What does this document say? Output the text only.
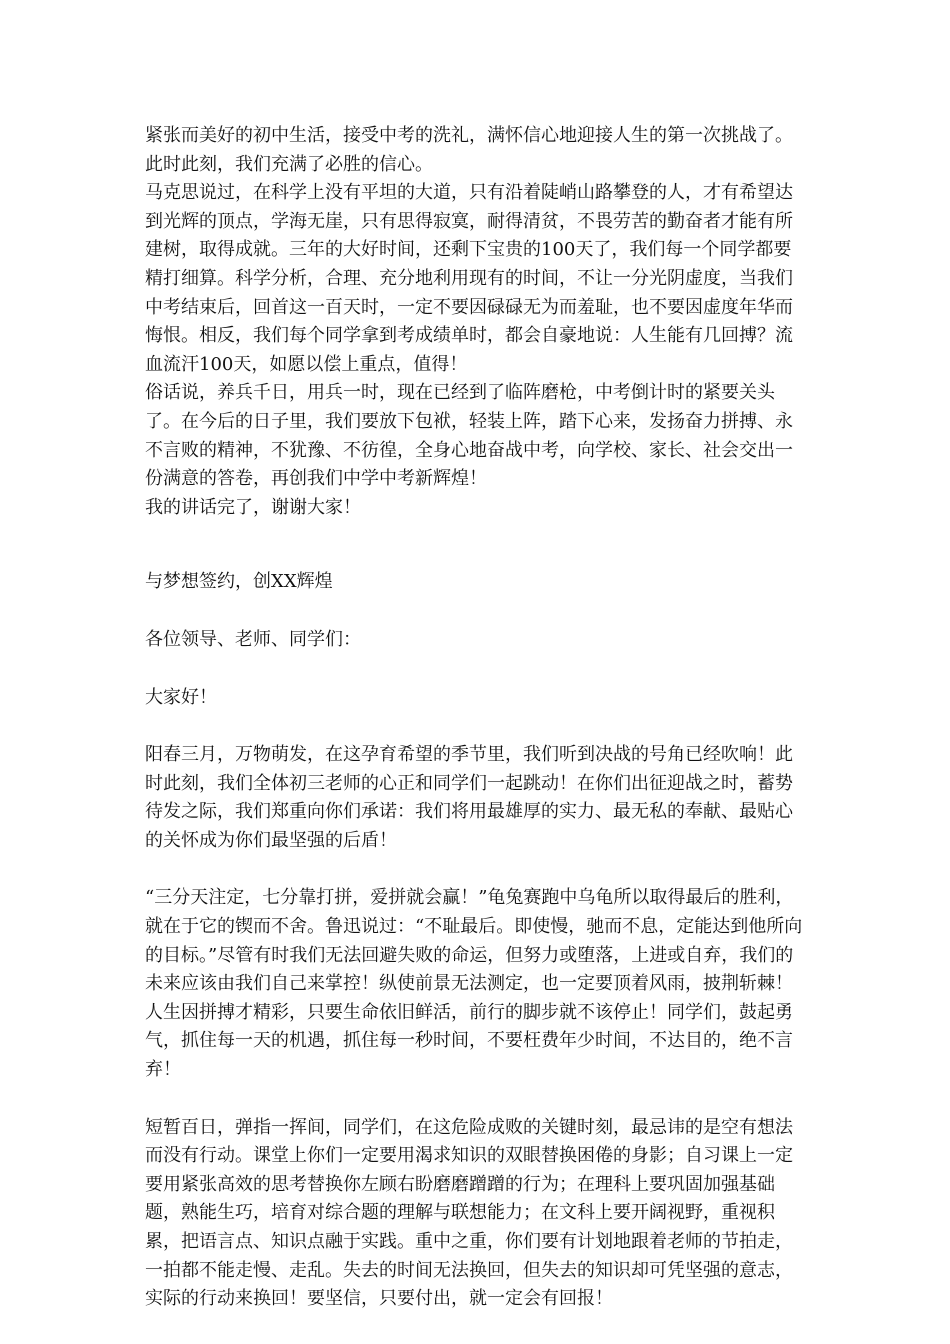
紧张而美好的初中生活，接受中考的洗礼，满怀信心地迎接人生的第一次挑战了。

此时此刻，我们充满了必胜的信心。

马克思说过，在科学上没有平坦的大道，只有沿着陡峭山路攀登的人，才有希望达到光辉的顶点，学海无崖，只有思得寂寞，耐得清贫，不畏劳苦的勤奋者才能有所建树，取得成就。三年的大好时间，还剩下宝贵的100天了，我们每一个同学都要精打细算。科学分析，合理、充分地利用现有的时间，不让一分光阴虚度，当我们中考结束后，回首这一百天时，一定不要因碌碌无为而羞耻，也不要因虚度年华而悔恨。相反，我们每个同学拿到考成绩单时，都会自豪地说：人生能有几回搏？流血流汗100天，如愿以偿上重点，值得！

俗话说，养兵千日，用兵一时，现在已经到了临阵磨枪，中考倒计时的紧要关头了。在今后的日子里，我们要放下包袱，轻装上阵，踏下心来，发扬奋力拼搏、永不言败的精神，不犹豫、不彷徨，全身心地奋战中考，向学校、家长、社会交出一份满意的答卷，再创我们中学中考新辉煌！

我的讲话完了，谢谢大家！

与梦想签约，创XX辉煌

各位领导、老师、同学们：

大家好！

阳春三月，万物萌发，在这孕育希望的季节里，我们听到决战的号角已经吹响！此时此刻，我们全体初三老师的心正和同学们一起跳动！在你们出征迎战之时，蓄势待发之际，我们郑重向你们承诺：我们将用最雄厚的实力、最无私的奉献、最贴心的关怀成为你们最坚强的后盾！

“三分天注定，七分靠打拼，爱拼就会赢！”龟兔赛跑中乌龟所以取得最后的胜利，就在于它的锲而不舍。鲁迅说过：“不耻最后。即使慢，驰而不息，定能达到他所向的目标。”尽管有时我们无法回避失败的命运，但努力或堕落，上进或自弃，我们的未来应该由我们自己来掌控！纵使前景无法测定，也一定要顶着风雨，披荆斩棘！人生因拼搏才精彩，只要生命依旧鲜活，前行的脚步就不该停止！同学们，鼓起勇气，抓住每一天的机遇，抓住每一秒时间，不要枉费年少时间，不达目的，绝不言弃！

短暂百日，弹指一挥间，同学们，在这危险成败的关键时刻，最忌讳的是空有想法而没有行动。课堂上你们一定要用渴求知识的双眼替换困倦的身影；自习课上一定要用紧张高效的思考替换你左顾右盼磨磨蹭蹭的行为；在理科上要巩固加强基础题，熟能生巧，培育对综合题的理解与联想能力；在文科上要开阔视野，重视积累，把语言点、知识点融于实践。重中之重，你们要有计划地跟着老师的节拍走，一拍都不能走慢、走乱。失去的时间无法换回，但失去的知识却可凭坚强的意志，实际的行动来换回！要坚信，只要付出，就一定会有回报！
